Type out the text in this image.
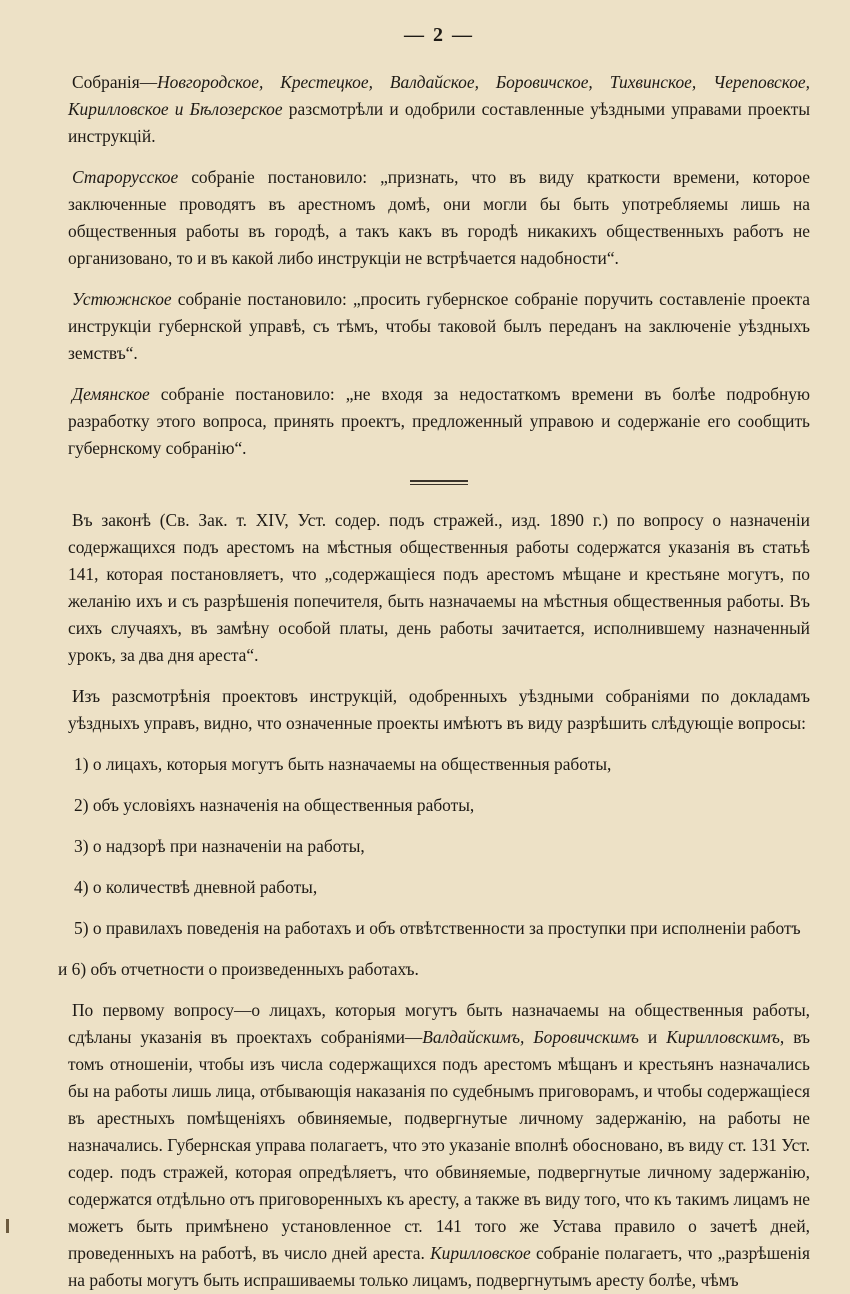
— 2 —

Собранія—Новгородское, Крестецкое, Валдайское, Боровичское, Тихвинское, Череповское, Кирилловское и Бѣлозерское разсмотрѣли и одобрили составленные уѣздными управами проекты инструкцій.

Старорусское собраніе постановило: „признать, что въ виду краткости времени, которое заключенные проводятъ въ арестномъ домѣ, они могли бы быть употребляемы лишь на общественныя работы въ городѣ, а такъ какъ въ городѣ никакихъ общественныхъ работъ не организовано, то и въ какой либо инструкціи не встрѣчается надобности“.

Устюжнское собраніе постановило: „просить губернское собраніе поручить составленіе проекта инструкціи губернской управѣ, съ тѣмъ, чтобы таковой былъ переданъ на заключеніе уѣздныхъ земствъ“.

Демянское собраніе постановило: „не входя за недостаткомъ времени въ болѣе подробную разработку этого вопроса, принять проектъ, предложенный управою и содержаніе его сообщить губернскому собранію“.

Въ законѣ (Св. Зак. т. XIV, Уст. содер. подъ стражей., изд. 1890 г.) по вопросу о назначеніи содержащихся подъ арестомъ на мѣстныя общественныя работы содержатся указанія въ статьѣ 141, которая постановляетъ, что „содержащіеся подъ арестомъ мѣщане и крестьяне могутъ, по желанію ихъ и съ разрѣшенія попечителя, быть назначаемы на мѣстныя общественныя работы. Въ сихъ случаяхъ, въ замѣну особой платы, день работы зачитается, исполнившему назначенный урокъ, за два дня ареста“.

Изъ разсмотрѣнія проектовъ инструкцій, одобренныхъ уѣздными собраніями по докладамъ уѣздныхъ управъ, видно, что означенные проекты имѣютъ въ виду разрѣшить слѣдующіе вопросы:

1) о лицахъ, которыя могутъ быть назначаемы на общественныя работы,

2) объ условіяхъ назначенія на общественныя работы,

3) о надзорѣ при назначеніи на работы,

4) о количествѣ дневной работы,

5) о правилахъ поведенія на работахъ и объ отвѣтственности за проступки при исполненіи работъ

и 6) объ отчетности о произведенныхъ работахъ.

По первому вопросу—о лицахъ, которыя могутъ быть назначаемы на общественныя работы, сдѣланы указанія въ проектахъ собраніями—Валдайскимъ, Боровичскимъ и Кирилловскимъ, въ томъ отношеніи, чтобы изъ числа содержащихся подъ арестомъ мѣщанъ и крестьянъ назначались бы на работы лишь лица, отбывающія наказанія по судебнымъ приговорамъ, и чтобы содержащіеся въ арестныхъ помѣщеніяхъ обвиняемые, подвергнутые личному задержанію, на работы не назначались. Губернская управа полагаетъ, что это указаніе вполнѣ обосновано, въ виду ст. 131 Уст. содер. подъ стражей, которая опредѣляетъ, что обвиняемые, подвергнутые личному задержанію, содержатся отдѣльно отъ приговоренныхъ къ аресту, а также въ виду того, что къ такимъ лицамъ не можетъ быть примѣнено установленное ст. 141 того же Устава правило о зачетѣ дней, проведенныхъ на работѣ, въ число дней ареста. Кирилловское собраніе полагаетъ, что „разрѣшенія на работы могутъ быть испрашиваемы только лицамъ, подвергнутымъ аресту болѣе, чѣмъ
